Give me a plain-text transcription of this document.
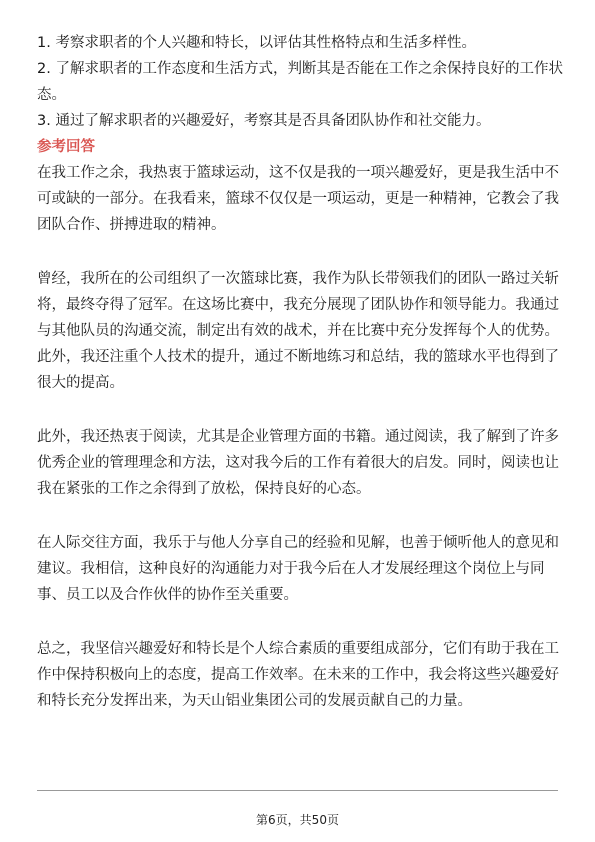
1. 考察求职者的个人兴趣和特长，以评估其性格特点和生活多样性。

2. 了解求职者的工作态度和生活方式，判断其是否能在工作之余保持良好的工作状

态。

3. 通过了解求职者的兴趣爱好，考察其是否具备团队协作和社交能力。

参考回答

在我工作之余，我热衷于篮球运动，这不仅是我的一项兴趣爱好，更是我生活中不

可或缺的一部分。在我看来，篮球不仅仅是一项运动，更是一种精神，它教会了我

团队合作、拼搏进取的精神。

曾经，我所在的公司组织了一次篮球比赛，我作为队长带领我们的团队一路过关斩

将，最终夺得了冠军。在这场比赛中，我充分展现了团队协作和领导能力。我通过

与其他队员的沟通交流，制定出有效的战术，并在比赛中充分发挥每个人的优势。

此外，我还注重个人技术的提升，通过不断地练习和总结，我的篮球水平也得到了

很大的提高。

此外，我还热衷于阅读，尤其是企业管理方面的书籍。通过阅读，我了解到了许多

优秀企业的管理理念和方法，这对我今后的工作有着很大的启发。同时，阅读也让

我在紧张的工作之余得到了放松，保持良好的心态。

在人际交往方面，我乐于与他人分享自己的经验和见解，也善于倾听他人的意见和

建议。我相信，这种良好的沟通能力对于我今后在人才发展经理这个岗位上与同

事、员工以及合作伙伴的协作至关重要。

总之，我坚信兴趣爱好和特长是个人综合素质的重要组成部分，它们有助于我在工

作中保持积极向上的态度，提高工作效率。在未来的工作中，我会将这些兴趣爱好

和特长充分发挥出来，为天山铝业集团公司的发展贡献自己的力量。

第6页，共50页
